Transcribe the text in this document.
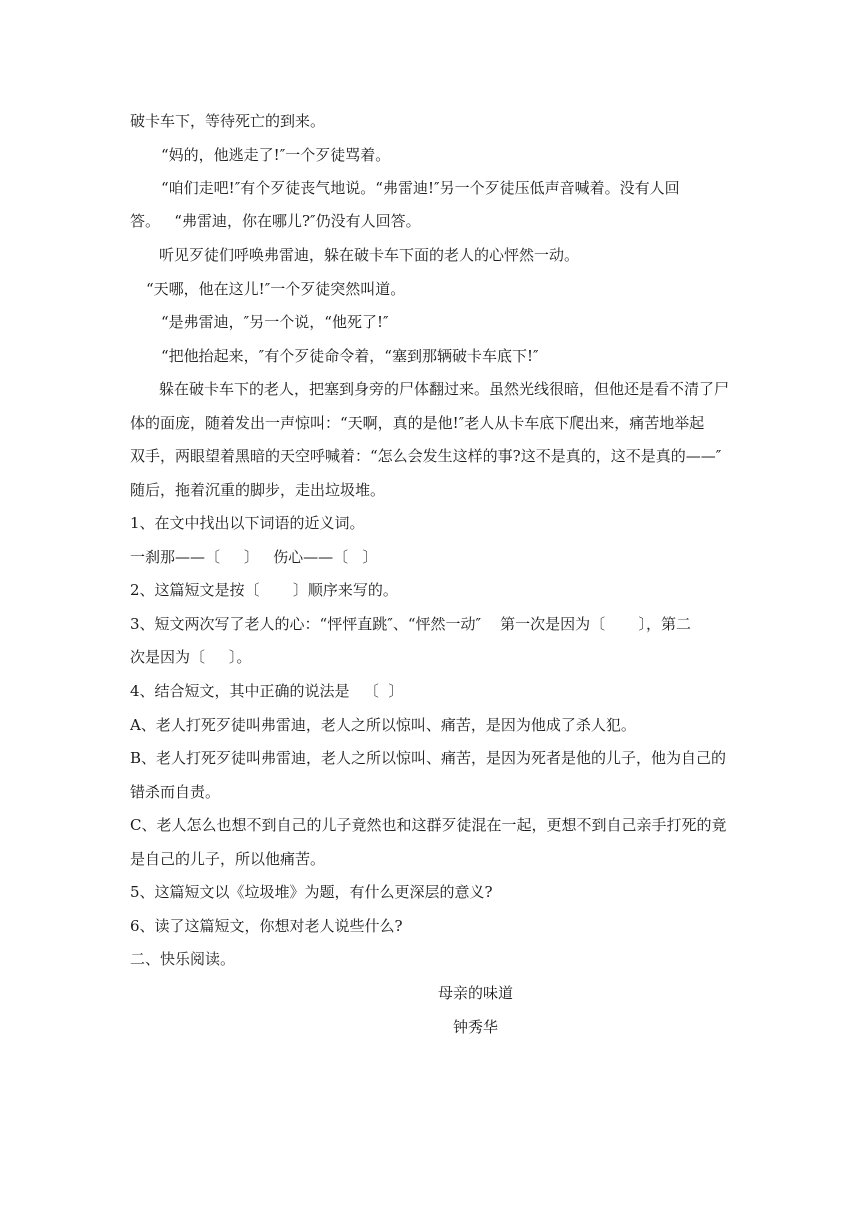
破卡车下，等待死亡的到来。
“妈的，他逃走了!″一个歹徒骂着。
“咱们走吧!″有个歹徒丧气地说。“弗雷迪!″另一个歹徒压低声音喊着。没有人回
答。   “弗雷迪，你在哪儿?″仍没有人回答。
听见歹徒们呼唤弗雷迪，躲在破卡车下面的老人的心怦然一动。
“天哪，他在这儿!″一个歹徒突然叫道。
“是弗雷迪，″另一个说，“他死了!″
“把他抬起来，″有个歹徒命令着，“塞到那辆破卡车底下!″
躲在破卡车下的老人，把塞到身旁的尸体翻过来。虽然光线很暗，但他还是看不清了尸
体的面庞，随着发出一声惊叫：“天啊，真的是他!″老人从卡车底下爬出来，痛苦地举起
双手，两眼望着黑暗的天空呼喊着：“怎么会发生这样的事?这不是真的，这不是真的——″
随后，拖着沉重的脚步，走出垃圾堆。
1、在文中找出以下词语的近义词。
一刹那——〔     〕   伤心——〔   〕
2、这篇短文是按〔       〕顺序来写的。
3、短文两次写了老人的心：“怦怦直跳″、“怦然一动″    第一次是因为〔       〕，第二
次是因为〔     〕。
4、结合短文，其中正确的说法是   〔  〕
A、老人打死歹徒叫弗雷迪，老人之所以惊叫、痛苦，是因为他成了杀人犯。
B、老人打死歹徒叫弗雷迪，老人之所以惊叫、痛苦，是因为死者是他的儿子，他为自己的
错杀而自责。
C、老人怎么也想不到自己的儿子竟然也和这群歹徒混在一起，更想不到自己亲手打死的竟
是自己的儿子，所以他痛苦。
5、这篇短文以《垃圾堆》为题，有什么更深层的意义?
6、读了这篇短文，你想对老人说些什么?
二、快乐阅读。
母亲的味道
钟秀华
